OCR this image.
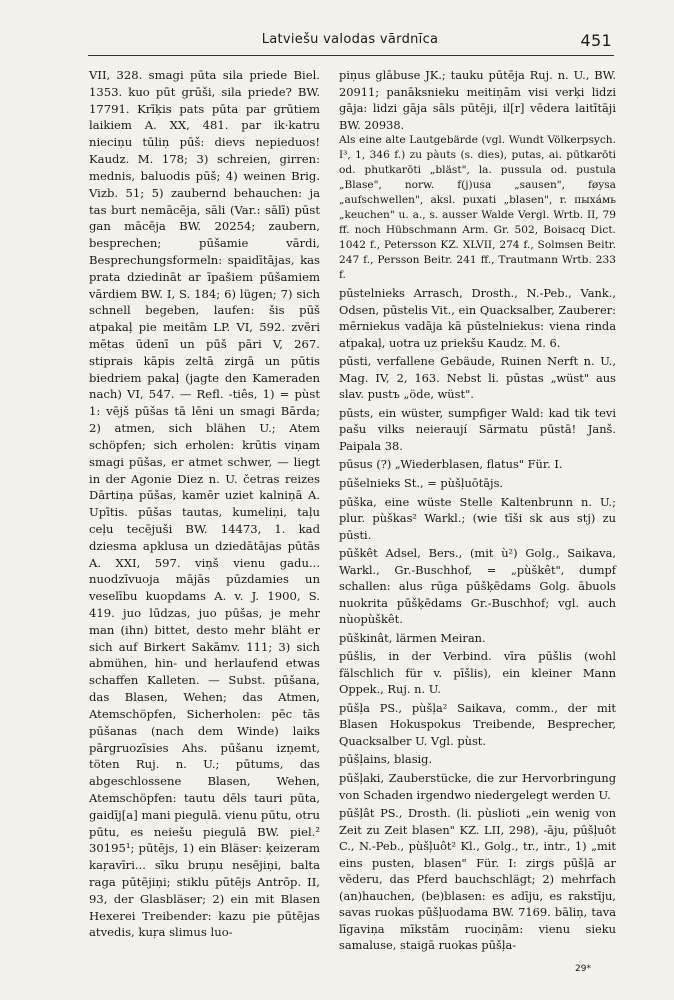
Latviešu valodas vārdnīca	451

VII, 328. smagi pūta sila priede Biel. 1353. kuo pūt grūši, sila priede? BW. 17791. Krīķis pats pūta par grūtiem laikiem A. XX, 481. par ik·katru nieciņu tūliņ pūš: dievs nepieduos! Kaudz. M. 178; 3) schreien, girren: mednis, baluodis pūš; 4) weinen Brig. Vizb. 51; 5) zaubernd behauchen: ja tas burt nemācēja, sāli (Var.: sālī) pūst gan mācēja BW. 20254; zaubern, besprechen; pūšamie vārdi, Besprechungsformeln: spaidītājas, kas prata dziedināt ar īpašiem pūšamiem vārdiem BW. I, S. 184; 6) lügen; 7) sich schnell begeben, laufen: šis pūš atpakaļ pie meitām LP. VI, 592. zvēri mētas ūdenī un pūš pāri V, 267. stiprais kāpis zeltā zirgā un pūtis biedriem pakaļ (jagte den Kameraden nach) VI, 547. — Refl. -tiês, 1) = pùst 1: vējš pūšas tā lēni un smagi Bārda; 2) atmen, sich blähen U.; Atem schöpfen; sich erholen: krūtis viņam smagi pūšas, er atmet schwer, — liegt in der Agonie Diez n. U. četras reizes Dārtiņa pūšas, kamēr uziet kalniņā A. Upītis. pūšas tautas, kumeliņi, taļu ceļu tecējuši BW. 14473, 1. kad dziesma apklusa un dziedātājas pūtās A. XXI, 597. viņš vienu gadu... nuodzīvuoja mājās pūzdamies un veselību kuopdams A. v. J. 1900, S. 419. juo lūdzas, juo pūšas, je mehr man (ihn) bittet, desto mehr bläht er sich auf Birkert Sakāmv. 111; 3) sich abmühen, hin- und herlaufend etwas schaffen Kalleten. — Subst. pūšana, das Blasen, Wehen; das Atmen, Atemschöpfen, Sicherholen: pēc tās pūšanas (nach dem Winde) laiks pārgruozīsies Ahs. pūšanu izņemt, töten Ruj. n. U.; pūtums, das abgeschlossene Blasen, Wehen, Atemschöpfen: tautu dēls tauri pūta, gaidīj[a] mani piegulā. vienu pūtu, otru pūtu, es neiešu piegulā BW. piel.² 30195¹; pūtējs, 1) ein Bläser: ķeizeram kaŗavīri... sīku bruņu nesējiņi, balta raga pūtējiņi; stiklu pūtējs Antrōp. II, 93, der Glasbläser; 2) ein mit Blasen Hexerei Treibender: kazu pie pūtējas atvedis, kuŗa slimus luo-

piņus glābuse JK.; tauku pūtēja Ruj. n. U., BW. 20911; panāksnieku meitiņām visi verķi lidzi gāja: lidzi gāja sāls pūtēji, il[r] vēdera laitītāji BW. 20938.

Als eine alte Lautgebärde (vgl. Wundt Völkerpsych. I³, 1, 346 f.) zu pàuts (s. dies), putas, ai. pūtkarōti od. phutkarōti „bläst", la. pussula od. pustula „Blase", norw. f(j)usa „sausen", føysa „aufschwellen", aksl. puxati „blasen", r. пыхáмь „keuchen" u. a., s. ausser Walde Vergl. Wrtb. II, 79 ff. noch Hübschmann Arm. Gr. 502, Boisacq Dict. 1042 f., Petersson KZ. XLVII, 274 f., Solmsen Beitr. 247 f., Persson Beitr. 241 ff., Trautmann Wrtb. 233 f.

pūstelnieks Arrasch, Drosth., N.-Peb., Vank., Odsen, pūstelis Vit., ein Quacksalber, Zauberer: mērniekus vadāja kā pūstelniekus: viena rinda atpakaļ, uotra uz priekšu Kaudz. M. 6.

pūsti, verfallene Gebäude, Ruinen Nerft n. U., Mag. IV, 2, 163. Nebst li. pūstas „wüst" aus slav. pustъ „öde, wüst".

pūsts, ein wüster, sumpfiger Wald: kad tik tevi pašu vilks neieraují Sārmatu pūstā! Janš. Paipala 38.

pūsus (?) „Wiederblasen, flatus" Für. I.

pūšelnieks St., = pùšļuōtājs.

pūška, eine wüste Stelle Kaltenbrunn n. U.; plur. pùškas² Warkl.; (wie tīši sk aus stj) zu pūsti.

pūškêt Adsel, Bers., (mit ù²) Golg., Saikava, Warkl., Gr.-Buschhof, = „pùškêt", dumpf schallen: alus rūga pūšķēdams Golg. ābuols nuokrita pūšķēdams Gr.-Buschhof; vgl. auch nùopùškêt.

pūškinât, lärmen Meiran.

pūšlis, in der Verbind. vīra pūšlis (wohl fälschlich für v. pīšlis), ein kleiner Mann Oppek., Ruj. n. U.

pūšļa PS., pùšļa² Saikava, comm., der mit Blasen Hokuspokus Treibende, Besprecher, Quacksalber U. Vgl. pùst.

pūšļains, blasig.

pūšļaki, Zauberstücke, die zur Hervorbringung von Schaden irgendwo niedergelegt werden U.

pūšļât PS., Drosth. (li. pùslioti „ein wenig von Zeit zu Zeit blasen" KZ. LII, 298), -āju, pūšļuôt C., N.-Peb., pùšļuôt² Kl., Golg., tr., intr., 1) „mit eins pusten, blasen" Für. I: zirgs pūšļā ar vēderu, das Pferd bauchschlägt; 2) mehrfach (an)hauchen, (be)blasen: es adīju, es rakstīju, savas ruokas pūšļuodama BW. 7169. bāliņ, tava līgaviņa mīkstām ruociņām: vienu sieku samaluse, staigā ruokas pūšļa-

29*
